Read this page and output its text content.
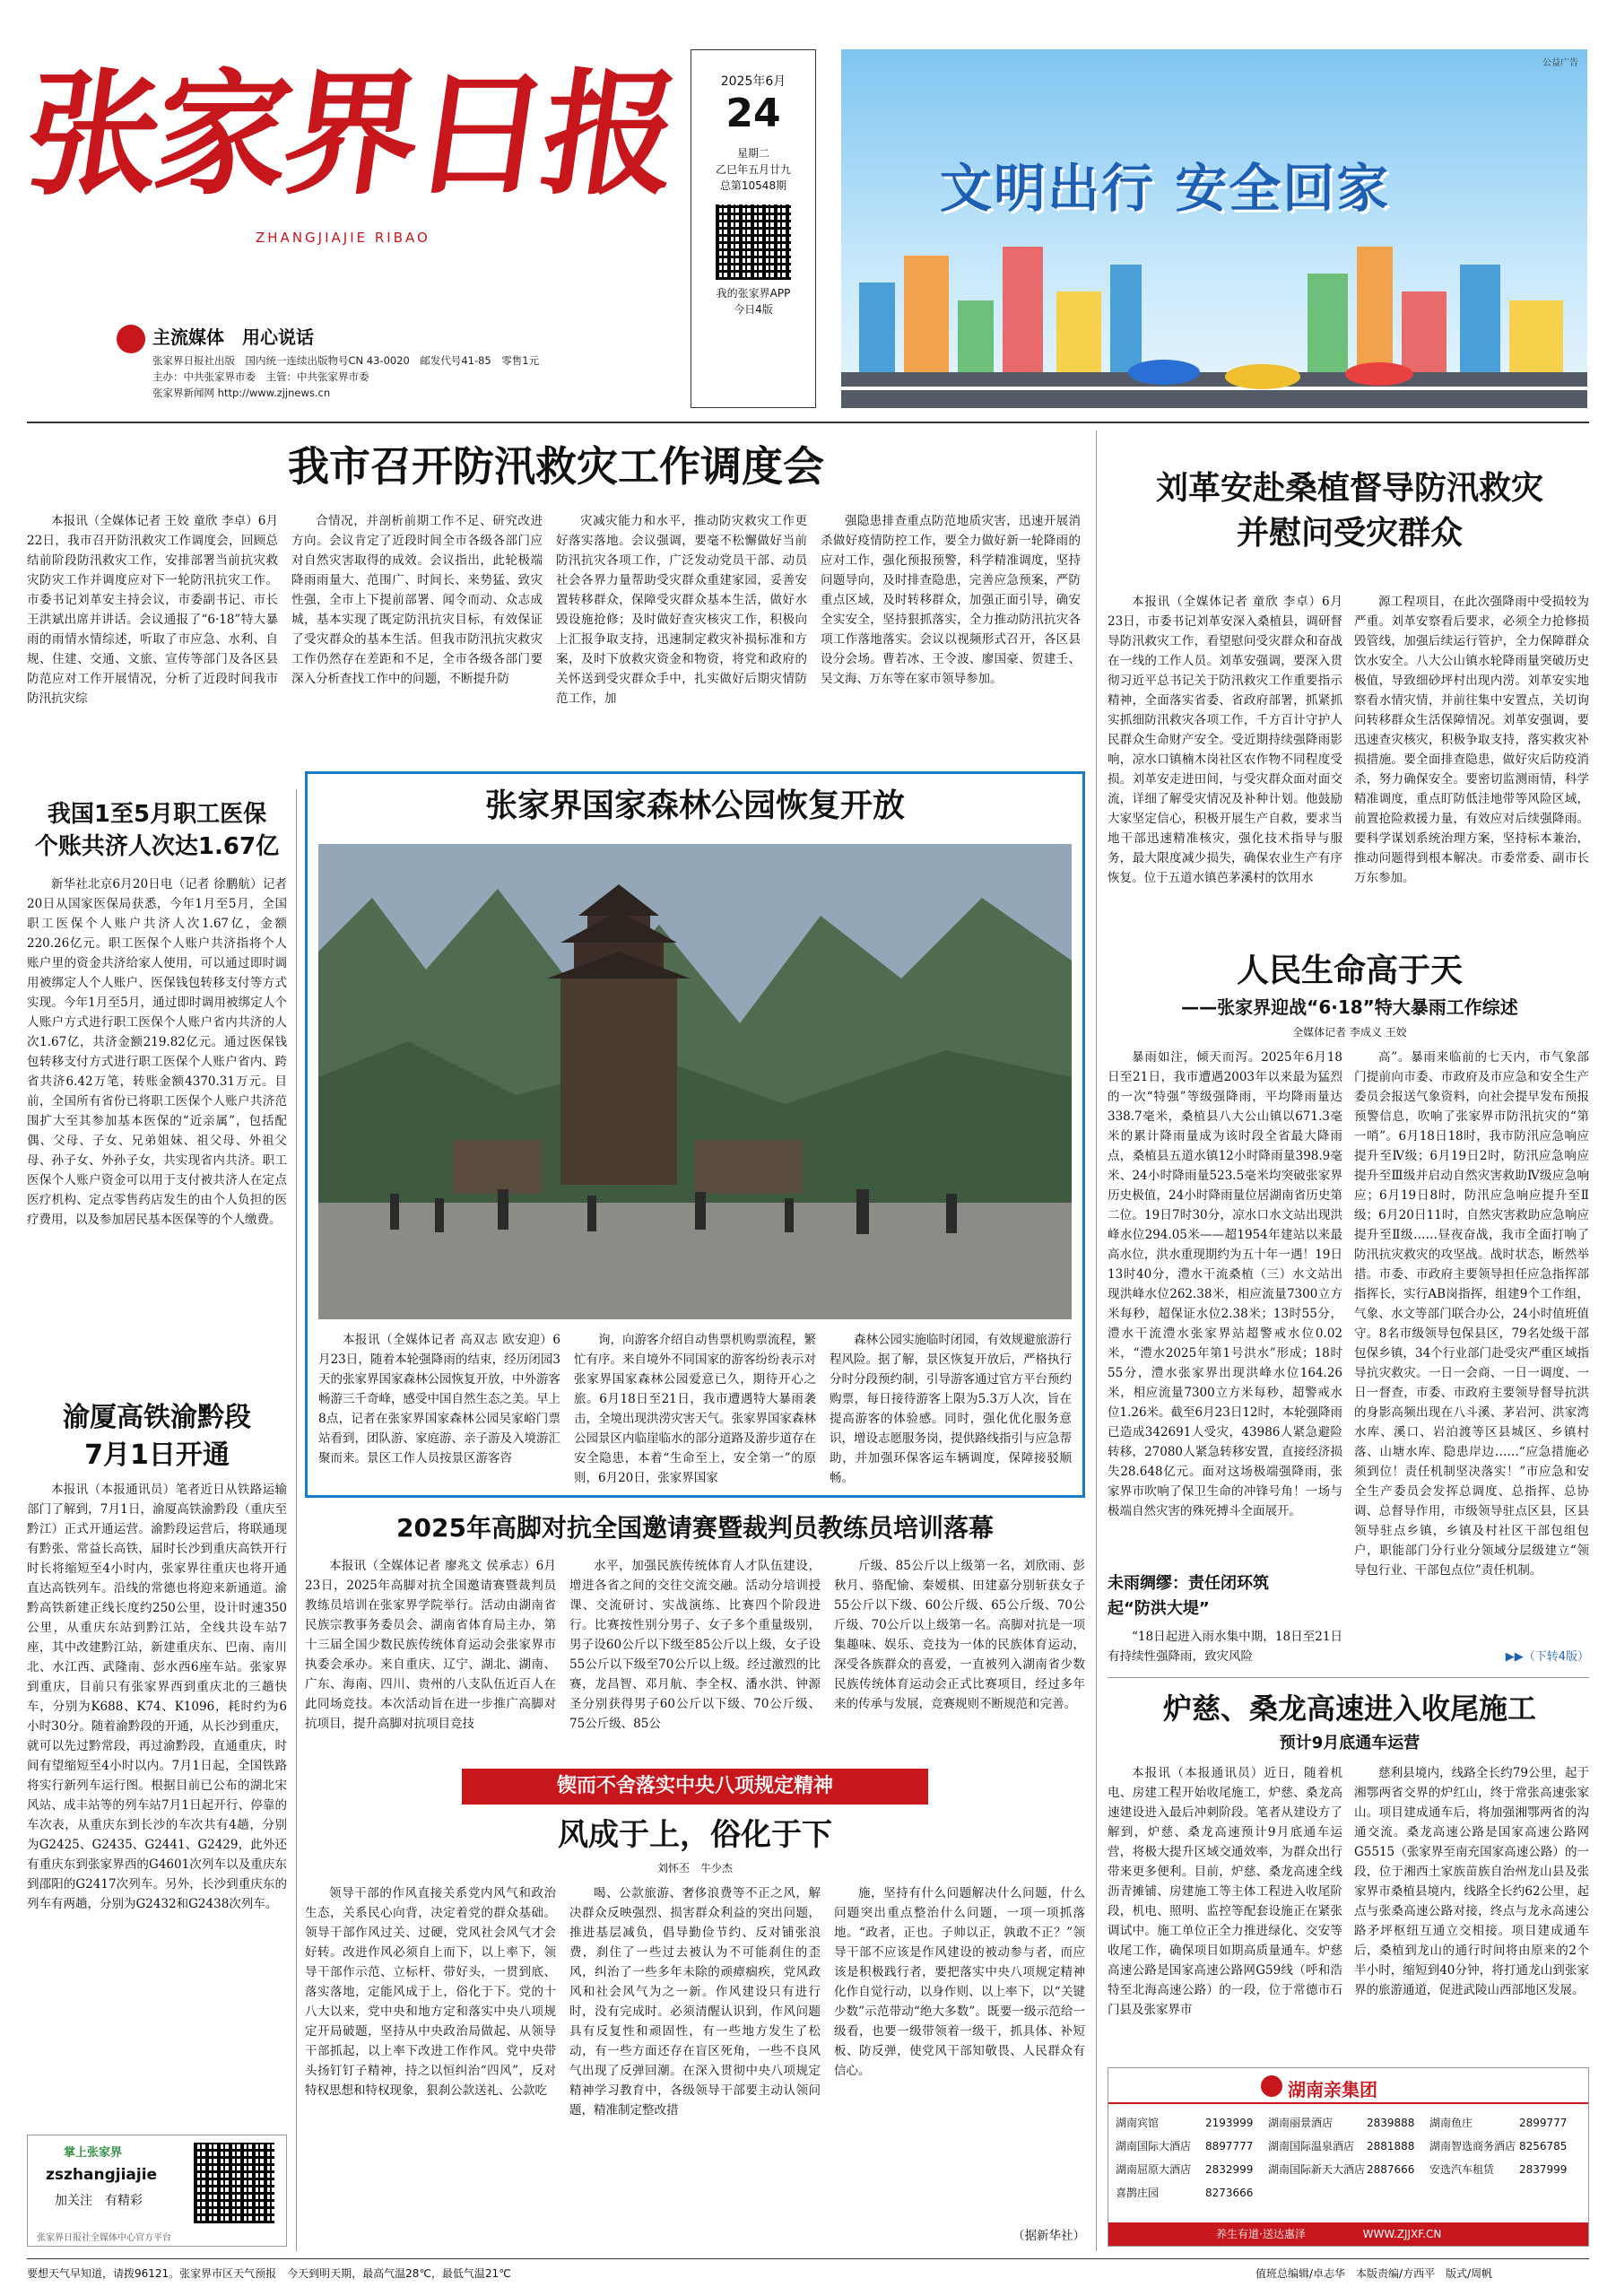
张家界日报
ZHANGJIAJIE RIBAO
主流媒体　用心说话
张家界日报社出版　国内统一连续出版物号CN 43-0020　邮发代号41-85　零售1元
主办：中共张家界市委　主管：中共张家界市委
张家界新闻网 http://www.zjjnews.cn
2025年6月
24
星期二
乙巳年五月廿九
总第10548期
我的张家界APP
今日4版
公益广告
文明出行 安全回家
我市召开防汛救灾工作调度会

本报讯（全媒体记者 王姣 童欣 李卓）6月22日，我市召开防汛救灾工作调度会，回顾总结前阶段防汛救灾工作，安排部署当前抗灾救灾防灾工作并调度应对下一轮防汛抗灾工作。市委书记刘革安主持会议，市委副书记、市长王洪斌出席并讲话。会议通报了“6·18”特大暴雨的雨情水情综述，听取了市应急、水利、自规、住建、交通、文旅、宣传等部门及各区县防范应对工作开展情况，分析了近段时间我市防汛抗灾综

合情况，并剖析前期工作不足、研究改进方向。会议肯定了近段时间全市各级各部门应对自然灾害取得的成效。会议指出，此轮极端降雨雨量大、范围广、时间长、来势猛、致灾性强，全市上下提前部署、闻令而动、众志成城，基本实现了既定防汛抗灾目标，有效保证了受灾群众的基本生活。但我市防汛抗灾救灾工作仍然存在差距和不足，全市各级各部门要深入分析查找工作中的问题，不断提升防

灾减灾能力和水平，推动防灾救灾工作更好落实落地。会议强调，要毫不松懈做好当前防汛抗灾各项工作，广泛发动党员干部、动员社会各界力量帮助受灾群众重建家园，妥善安置转移群众，保障受灾群众基本生活，做好水毁设施抢修；及时做好查灾核灾工作，积极向上汇报争取支持，迅速制定救灾补损标准和方案，及时下放救灾资金和物资，将党和政府的关怀送到受灾群众手中，扎实做好后期灾情防范工作，加

强隐患排查重点防范地质灾害，迅速开展消杀做好疫情防控工作，要全力做好新一轮降雨的应对工作，强化预报预警，科学精准调度，坚持问题导向，及时排查隐患，完善应急预案，严防重点区域，及时转移群众，加强正面引导，确安全实安全，坚持狠抓落实，全力推动防汛抗灾各项工作落地落实。会议以视频形式召开，各区县设分会场。曹若冰、王令波、廖国豪、贺建壬、吴文海、万东等在家市领导参加。

我国1至5月职工医保
个账共济人次达1.67亿

新华社北京6月20日电（记者 徐鹏航）记者20日从国家医保局获悉，今年1月至5月，全国职工医保个人账户共济人次1.67亿，金额220.26亿元。职工医保个人账户共济指将个人账户里的资金共济给家人使用，可以通过即时调用被绑定人个人账户、医保钱包转移支付等方式实现。今年1月至5月，通过即时调用被绑定人个人账户方式进行职工医保个人账户省内共济的人次1.67亿，共济金额219.82亿元。通过医保钱包转移支付方式进行职工医保个人账户省内、跨省共济6.42万笔，转账金额4370.31万元。目前，全国所有省份已将职工医保个人账户共济范围扩大至其参加基本医保的“近亲属”，包括配偶、父母、子女、兄弟姐妹、祖父母、外祖父母、孙子女、外孙子女，共实现省内共济。职工医保个人账户资金可以用于支付被共济人在定点医疗机构、定点零售药店发生的由个人负担的医疗费用，以及参加居民基本医保等的个人缴费。

渝厦高铁渝黔段
7月1日开通

本报讯（本报通讯员）笔者近日从铁路运输部门了解到，7月1日，渝厦高铁渝黔段（重庆至黔江）正式开通运营。渝黔段运营后，将联通现有黔张、常益长高铁，届时长沙到重庆高铁开行时长将缩短至4小时内，张家界往重庆也将开通直达高铁列车。沿线的常德也将迎来新通道。渝黔高铁新建正线长度约250公里，设计时速350公里，从重庆东站到黔江站，全线共设车站7座，其中改建黔江站，新建重庆东、巴南、南川北、水江西、武隆南、彭水西6座车站。张家界到重庆，目前只有张家界西到重庆北的三趟快车，分别为K688、K74、K1096，耗时约为6小时30分。随着渝黔段的开通，从长沙到重庆，就可以先过黔常段，再过渝黔段，直通重庆，时间有望缩短至4小时以内。7月1日起，全国铁路将实行新列车运行图。根据目前已公布的湖北宋风站、成丰站等的列车站7月1日起开行、停靠的车次表，从重庆东到长沙的车次共有4趟，分别为G2425、G2435、G2441、G2429，此外还有重庆东到张家界西的G4601次列车以及重庆东到邵阳的G2417次列车。另外，长沙到重庆东的列车有两趟，分别为G2432和G2438次列车。

掌上张家界
zszhangjiajie
加关注　有精彩
张家界日报社全媒体中心官方平台
张家界国家森林公园恢复开放

本报讯（全媒体记者 高双志 欧安迎）6月23日，随着本轮强降雨的结束，经历闭园3天的张家界国家森林公园恢复开放，中外游客畅游三千奇峰，感受中国自然生态之美。早上8点，记者在张家界国家森林公园吴家峪门票站看到，团队游、家庭游、亲子游及入境游汇聚而来。景区工作人员按景区游客咨

询，向游客介绍自动售票机购票流程，繁忙有序。来自境外不同国家的游客纷纷表示对张家界国家森林公园爱意已久，期待开心之旅。6月18日至21日，我市遭遇特大暴雨袭击，全境出现洪涝灾害天气。张家界国家森林公园景区内临崖临水的部分道路及游步道存在安全隐患，本着“生命至上，安全第一”的原则，6月20日，张家界国家

森林公园实施临时闭园，有效规避旅游行程风险。据了解，景区恢复开放后，严格执行分时分段预约制，引导游客通过官方平台预约购票，每日接待游客上限为5.3万人次，旨在提高游客的体验感。同时，强化优化服务意识，增设志愿服务岗，提供路线指引与应急帮助，并加强环保客运车辆调度，保障接驳顺畅。

2025年高脚对抗全国邀请赛暨裁判员教练员培训落幕

本报讯（全媒体记者 廖兆文 侯承志）6月23日，2025年高脚对抗全国邀请赛暨裁判员教练员培训在张家界学院举行。活动由湖南省民族宗教事务委员会、湖南省体育局主办，第十三届全国少数民族传统体育运动会张家界市执委会承办。来自重庆、辽宁、湖北、湖南、广东、海南、四川、贵州的八支队伍近百人在此同场竞技。本次活动旨在进一步推广高脚对抗项目，提升高脚对抗项目竞技

水平，加强民族传统体育人才队伍建设，增进各省之间的交往交流交融。活动分培训授课、交流研讨、实战演练、比赛四个阶段进行。比赛按性别分男子、女子多个重量级别，男子设60公斤以下级至85公斤以上级，女子设55公斤以下级至70公斤以上级。经过激烈的比赛，龙昌智、邓月航、李全权、潘水洪、钟源圣分别获得男子60公斤以下级、70公斤级、75公斤级、85公

斤级、85公斤以上级第一名，刘欣雨、彭秋月、骆配愉、秦嫒棋、田建嘉分别斩获女子55公斤以下级、60公斤级、65公斤级、70公斤级、70公斤以上级第一名。高脚对抗是一项集趣味、娱乐、竞技为一体的民族体育运动，深受各族群众的喜爱，一直被列入湖南省少数民族传统体育运动会正式比赛项目，经过多年来的传承与发展，竞赛规则不断规范和完善。

锲而不舍落实中央八项规定精神
风成于上，俗化于下
刘怀丕　牛少杰

领导干部的作风直接关系党内风气和政治生态，关系民心向背，决定着党的群众基础。领导干部作风过关、过硬，党风社会风气才会好转。改进作风必须自上而下，以上率下，领导干部作示范、立标杆、带好头，一贯到底、落实落地，定能风成于上，俗化于下。党的十八大以来，党中央和地方定和落实中央八项规定开局破题，坚持从中央政治局做起、从领导干部抓起，以上率下改进工作作风。党中央带头扬钉钉子精神，持之以恒纠治“四风”，反对特权思想和特权现象，狠刹公款送礼、公款吃

喝、公款旅游、奢侈浪费等不正之风，解决群众反映强烈、损害群众利益的突出问题，推进基层减负，倡导勤俭节约、反对铺张浪费，刹住了一些过去被认为不可能刹住的歪风，纠治了一些多年未除的顽瘴痼疾，党风政风和社会风气为之一新。作风建设只有进行时，没有完成时。必须清醒认识到，作风问题具有反复性和顽固性，有一些地方发生了松动，有一些方面还存在盲区死角，一些不良风气出现了反弹回潮。在深入贯彻中央八项规定精神学习教育中，各级领导干部要主动认领问题，精准制定整改措

施，坚持有什么问题解决什么问题，什么问题突出重点整治什么问题，一项一项抓落地。“政者，正也。子帅以正，孰敢不正？”领导干部不应该是作风建设的被动参与者，而应该是积极践行者，要把落实中央八项规定精神化作自觉行动，以身作则、以上率下，以“关键少数”示范带动“绝大多数”。既要一级示范给一级看，也要一级带领着一级干，抓具体、补短板、防反弹，使党风干部知敬畏、人民群众有信心。

（据新华社）
刘革安赴桑植督导防汛救灾
并慰问受灾群众

本报讯（全媒体记者 童欣 李卓）6月23日，市委书记刘革安深入桑植县，调研督导防汛救灾工作，看望慰问受灾群众和奋战在一线的工作人员。刘革安强调，要深入贯彻习近平总书记关于防汛救灾工作重要指示精神，全面落实省委、省政府部署，抓紧抓实抓细防汛救灾各项工作，千方百计守护人民群众生命财产安全。受近期持续强降雨影响，凉水口镇楠木岗社区农作物不同程度受损。刘革安走进田间，与受灾群众面对面交流，详细了解受灾情况及补种计划。他鼓励大家坚定信心，积极开展生产自救，要求当地干部迅速精准核灾，强化技术指导与服务，最大限度减少损失，确保农业生产有序恢复。位于五道水镇芭茅溪村的饮用水

源工程项目，在此次强降雨中受损较为严重。刘革安察看后要求，必须全力抢修损毁管线，加强后续运行管护，全力保障群众饮水安全。八大公山镇水轮降雨量突破历史极值，导致细砂坪村出现内涝。刘革安实地察看水情灾情，并前往集中安置点，关切询问转移群众生活保障情况。刘革安强调，要迅速查灾核灾，积极争取支持，落实救灾补损措施。要全面排查隐患，做好灾后防疫消杀，努力确保安全。要密切监测雨情，科学精准调度，重点盯防低洼地带等风险区域，前置抢险救援力量，有效应对后续强降雨。要科学谋划系统治理方案，坚持标本兼治，推动问题得到根本解决。市委常委、副市长万东参加。

人民生命高于天
——张家界迎战“6·18”特大暴雨工作综述
全媒体记者 李成义 王姣

暴雨如注，倾天而泻。2025年6月18日至21日，我市遭遇2003年以来最为猛烈的一次“特强”等级强降雨，平均降雨量达338.7毫米，桑植县八大公山镇以671.3毫米的累计降雨量成为该时段全省最大降雨点，桑植县五道水镇12小时降雨量398.9毫米、24小时降雨量523.5毫米均突破张家界历史极值，24小时降雨量位居湖南省历史第二位。19日7时30分，凉水口水文站出现洪峰水位294.05米——超1954年建站以来最高水位，洪水重现期约为五十年一遇！19日13时40分，澧水干流桑植（三）水文站出现洪峰水位262.38米，相应流量7300立方米每秒，超保证水位2.38米；13时55分，澧水干流澧水张家界站超警戒水位0.02米，“澧水2025年第1号洪水”形成；18时55分，澧水张家界出现洪峰水位164.26米，相应流量7300立方米每秒，超警戒水位1.26米。截至6月23日12时，本轮强降雨已造成342691人受灾，43986人紧急避险转移，27080人紧急转移安置，直接经济损失28.648亿元。面对这场极端强降雨，张家界市吹响了保卫生命的冲锋号角！一场与极端自然灾害的殊死搏斗全面展开。

未雨绸缪：责任闭环筑
起“防洪大堤”

“18日起进入雨水集中期，18日至21日有持续性强降雨，致灾风险

高”。暴雨来临前的七天内，市气象部门提前向市委、市政府及市应急和安全生产委员会报送气象资料，向社会提早发布预报预警信息，吹响了张家界市防汛抗灾的“第一哨”。6月18日18时，我市防汛应急响应提升至Ⅳ级；6月19日2时，防汛应急响应提升至Ⅲ级并启动自然灾害救助Ⅳ级应急响应；6月19日8时，防汛应急响应提升至Ⅱ级；6月20日11时，自然灾害救助应急响应提升至Ⅱ级……昼夜奋战，我市全面打响了防汛抗灾救灾的攻坚战。战时状态，断然举措。市委、市政府主要领导担任应急指挥部指挥长，实行AB岗指挥，组建9个工作组，气象、水文等部门联合办公，24小时值班值守。8名市级领导包保县区，79名处级干部包保乡镇，34个行业部门赴受灾严重区域指导抗灾救灾。一日一会商、一日一调度、一日一督查，市委、市政府主要领导督导抗洪的身影高频出现在八斗溪、茅岩河、洪家湾水库、溪口、岩泊渡等区县城区、乡镇村落、山塘水库、隐患岸边……“应急措施必须到位！责任机制坚决落实！”市应急和安全生产委员会发挥总调度、总指挥、总协调、总督导作用，市级领导驻点区县，区县领导驻点乡镇，乡镇及村社区干部包组包户，职能部门分行业分领域分层级建立“领导包行业、干部包点位”责任机制。

▶▶（下转4版）
炉慈、桑龙高速进入收尾施工
预计9月底通车运营

本报讯（本报通讯员）近日，随着机电、房建工程开始收尾施工，炉慈、桑龙高速建设进入最后冲刺阶段。笔者从建设方了解到，炉慈、桑龙高速预计9月底通车运营，将极大提升区域交通效率，为群众出行带来更多便利。目前，炉慈、桑龙高速全线沥青摊铺、房建施工等主体工程进入收尾阶段，机电、照明、监控等配套设施正在紧张调试中。施工单位正全力推进绿化、交安等收尾工作，确保项目如期高质量通车。炉慈高速公路是国家高速公路网G59线（呼和浩特至北海高速公路）的一段，位于常德市石门县及张家界市

慈利县境内，线路全长约79公里，起于湘鄂两省交界的炉红山，终于常张高速张家山。项目建成通车后，将加强湘鄂两省的沟通交流。桑龙高速公路是国家高速公路网G5515（张家界至南充国家高速公路）的一段，位于湘西土家族苗族自治州龙山县及张家界市桑植县境内，线路全长约62公里，起点与张桑高速公路对接，终点与龙永高速公路矛坪枢纽互通立交相接。项目建成通车后，桑植到龙山的通行时间将由原来的2个半小时，缩短到40分钟，将打通龙山到张家界的旅游通道，促进武陵山西部地区发展。

湖南亲集团
湖南宾馆	2193999	湖南丽景酒店	2839888	湖南鱼庄	2899777
湖南国际大酒店	8897777	湖南国际温泉酒店	2881888	湖南智选商务酒店 8256785
湖南屈原大酒店	2832999	湖南国际新天大酒店 2887666	安选汽车租赁	2837999
喜鹊庄园	8273666
养生有道·送达惠泽	WWW.ZJJXF.CN
要想天气早知道，请拨96121。张家界市区天气预报　今天到明天期，最高气温28℃，最低气温21℃	值班总编辑/卓志华　本版责编/方西平　版式/周帆
